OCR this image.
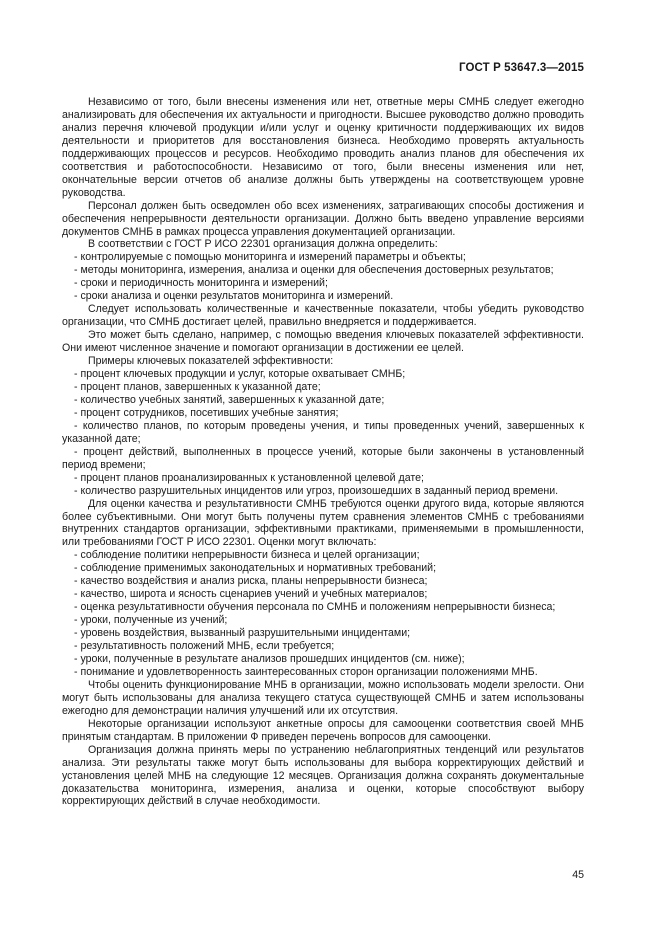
ГОСТ Р 53647.3—2015

Независимо от того, были внесены изменения или нет, ответные меры СМНБ следует ежегодно анализировать для обеспечения их актуальности и пригодности. Высшее руководство должно проводить анализ перечня ключевой продукции и/или услуг и оценку критичности поддерживающих их видов деятельности и приоритетов для восстановления бизнеса. Необходимо проверять актуальность поддерживающих процессов и ресурсов. Необходимо проводить анализ планов для обеспечения их соответствия и работоспособности. Независимо от того, были внесены изменения или нет, окончательные версии отчетов об анализе должны быть утверждены на соответствующем уровне руководства.

Персонал должен быть осведомлен обо всех изменениях, затрагивающих способы достижения и обеспечения непрерывности деятельности организации. Должно быть введено управление версиями документов СМНБ в рамках процесса управления документацией организации.

В соответствии с ГОСТ Р ИСО 22301 организация должна определить:

- контролируемые с помощью мониторинга и измерений параметры и объекты;

- методы мониторинга, измерения, анализа и оценки для обеспечения достоверных результатов;

- сроки и периодичность мониторинга и измерений;

- сроки анализа и оценки результатов мониторинга и измерений.

Следует использовать количественные и качественные показатели, чтобы убедить руководство организации, что СМНБ достигает целей, правильно внедряется и поддерживается.

Это может быть сделано, например, с помощью введения ключевых показателей эффективности. Они имеют численное значение и помогают организации в достижении ее целей.

Примеры ключевых показателей эффективности:

- процент ключевых продукции и услуг, которые охватывает СМНБ;

- процент планов, завершенных к указанной дате;

- количество учебных занятий, завершенных к указанной дате;

- процент сотрудников, посетивших учебные занятия;

- количество планов, по которым проведены учения, и типы проведенных учений, завершенных к указанной дате;

- процент действий, выполненных в процессе учений, которые были закончены в установленный период времени;

- процент планов проанализированных к установленной целевой дате;

- количество разрушительных инцидентов или угроз, произошедших в заданный период времени.

Для оценки качества и результативности СМНБ требуются оценки другого вида, которые являются более субъективными. Они могут быть получены путем сравнения элементов СМНБ с требованиями внутренних стандартов организации, эффективными практиками, применяемыми в промышленности, или требованиями ГОСТ Р ИСО 22301. Оценки могут включать:

- соблюдение политики непрерывности бизнеса и целей организации;

- соблюдение применимых законодательных и нормативных требований;

- качество воздействия и анализ риска, планы непрерывности бизнеса;

- качество, широта и ясность сценариев учений и учебных материалов;

- оценка результативности обучения персонала по СМНБ и положениям непрерывности бизнеса;

- уроки, полученные из учений;

- уровень воздействия, вызванный разрушительными инцидентами;

- результативность положений МНБ, если требуется;

- уроки, полученные в результате анализов прошедших инцидентов (см. ниже);

- понимание и удовлетворенность заинтересованных сторон организации положениями МНБ.

Чтобы оценить функционирование МНБ в организации, можно использовать модели зрелости. Они могут быть использованы для анализа текущего статуса существующей СМНБ и затем использованы ежегодно для демонстрации наличия улучшений или их отсутствия.

Некоторые организации используют анкетные опросы для самооценки соответствия своей МНБ принятым стандартам. В приложении Ф приведен перечень вопросов для самооценки.

Организация должна принять меры по устранению неблагоприятных тенденций или результатов анализа. Эти результаты также могут быть использованы для выбора корректирующих действий и установления целей МНБ на следующие 12 месяцев. Организация должна сохранять документальные доказательства мониторинга, измерения, анализа и оценки, которые способствуют выбору корректирующих действий в случае необходимости.

45
